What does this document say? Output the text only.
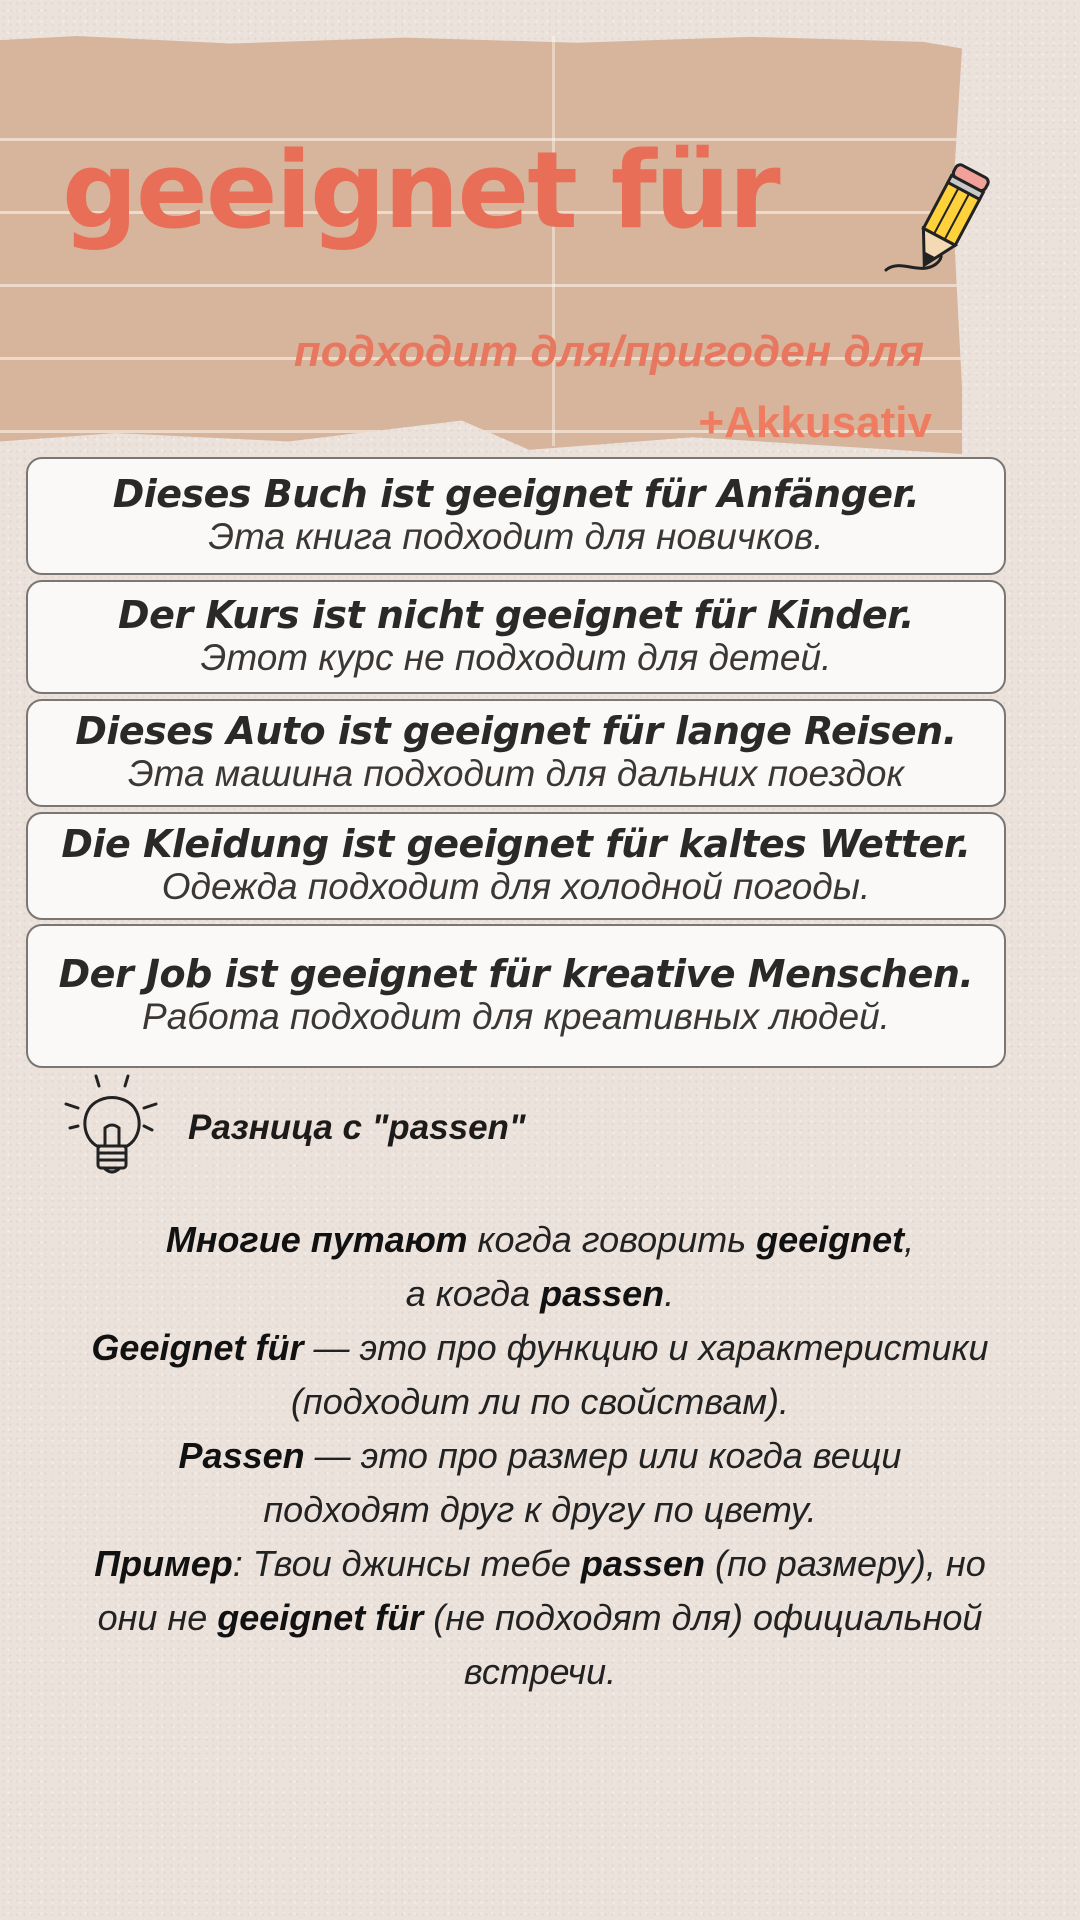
geeignet für
подходит для/пригоден для
+Akkusativ
Dieses Buch ist geeignet für Anfänger.
Эта книга подходит для новичков.
Der Kurs ist nicht geeignet für Kinder.
Этот курс не подходит для детей.
Dieses Auto ist geeignet für lange Reisen.
Эта машина подходит для дальних поездок
Die Kleidung ist geeignet für kaltes Wetter.
Одежда подходит для холодной погоды.
Der Job ist geeignet für kreative Menschen.
Работа подходит для креативных людей.
Разница с "passen"

Многие путают когда говорить geeignet,

а когда passen.

Geeignet für — это про функцию и характеристики

(подходит ли по свойствам).

Passen — это про размер или когда вещи

подходят друг к другу по цвету.

Пример: Твои джинсы тебе passen (по размеру), но

они не geeignet für (не подходят для) официальной

встречи.
